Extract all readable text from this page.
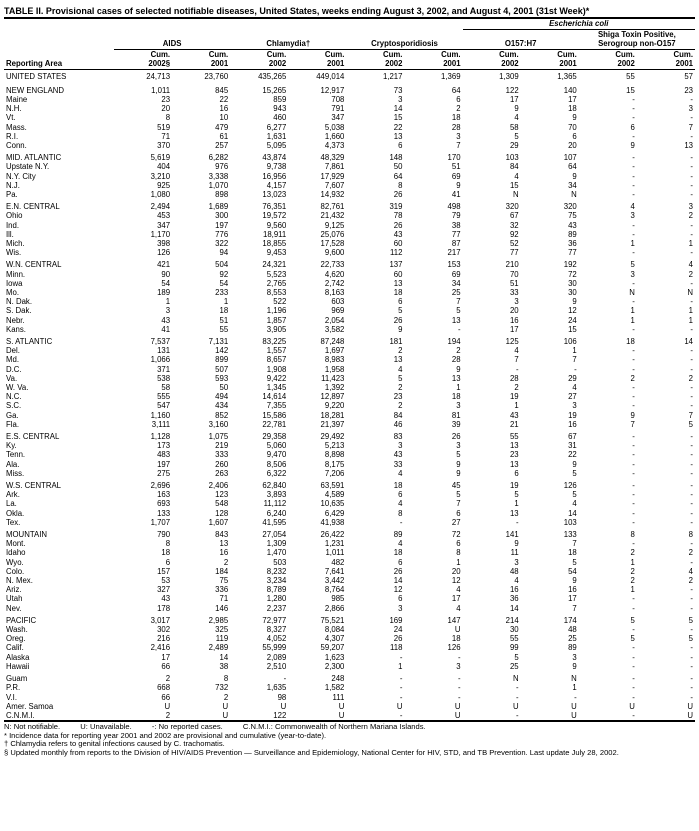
TABLE II. Provisional cases of selected notifiable diseases, United States, weeks ending August 3, 2002, and August 4, 2001 (31st Week)*
							Escherichia coli			
	AIDS		Chlamydia†		Cryptosporidiosis		O157:H7		Shiga Toxin Positive, Serogroup non-O157	
Reporting Area	Cum.	Cum.	Cum.	Cum.	Cum.	Cum.	Cum.	Cum.	Cum.	Cum.
	2002§	2001	2002	2001	2002	2001	2002	2001	2002	2001
UNITED STATES	24,713	23,760	435,265	449,014	1,217	1,369	1,309	1,365	55	57
NEW ENGLAND	1,011	845	15,265	12,917	73	64	122	140	15	23
Maine	23	22	859	708	3	6	17	17	-	-
N.H.	20	16	943	791	14	2	9	18	-	3
Vt.	8	10	460	347	15	18	4	9	-	-
Mass.	519	479	6,277	5,038	22	28	58	70	6	7
R.I.	71	61	1,631	1,660	13	3	5	6	-	-
Conn.	370	257	5,095	4,373	6	7	29	20	9	13
MID. ATLANTIC	5,619	6,282	43,874	48,329	148	170	103	107	-	-
Upstate N.Y.	404	976	9,738	7,861	50	51	84	64	-	-
N.Y. City	3,210	3,338	16,956	17,929	64	69	4	9	-	-
N.J.	925	1,070	4,157	7,607	8	9	15	34	-	-
Pa.	1,080	898	13,023	14,932	26	41	N	N	-	-
E.N. CENTRAL	2,494	1,689	76,351	82,761	319	498	320	320	4	3
Ohio	453	300	19,572	21,432	78	79	67	75	3	2
Ind.	347	197	9,560	9,125	26	38	32	43	-	-
Ill.	1,170	776	18,911	25,076	43	77	92	89	-	-
Mich.	398	322	18,855	17,528	60	87	52	36	1	1
Wis.	126	94	9,453	9,600	112	217	77	77	-	-
W.N. CENTRAL	421	504	24,321	22,733	137	153	210	192	5	4
Minn.	90	92	5,523	4,620	60	69	70	72	3	2
Iowa	54	54	2,765	2,742	13	34	51	30	-	-
Mo.	189	233	8,553	8,163	18	25	33	30	N	N
N. Dak.	1	1	522	603	6	7	3	9	-	-
S. Dak.	3	18	1,196	969	5	5	20	12	1	1
Nebr.	43	51	1,857	2,054	26	13	16	24	1	1
Kans.	41	55	3,905	3,582	9	-	17	15	-	-
S. ATLANTIC	7,537	7,131	83,225	87,248	181	194	125	106	18	14
Del.	131	142	1,557	1,697	2	2	4	1	-	-
Md.	1,066	899	8,657	8,983	13	28	7	7	-	-
D.C.	371	507	1,908	1,958	4	9	-	-	-	-
Va.	538	593	9,422	11,423	5	13	28	29	2	2
W. Va.	58	50	1,345	1,392	2	1	2	4	-	-
N.C.	555	494	14,614	12,897	23	18	19	27	-	-
S.C.	547	434	7,355	9,220	2	3	1	3	-	-
Ga.	1,160	852	15,586	18,281	84	81	43	19	9	7
Fla.	3,111	3,160	22,781	21,397	46	39	21	16	7	5
E.S. CENTRAL	1,128	1,075	29,358	29,492	83	26	55	67	-	-
Ky.	173	219	5,060	5,213	3	3	13	31	-	-
Tenn.	483	333	9,470	8,898	43	5	23	22	-	-
Ala.	197	260	8,506	8,175	33	9	13	9	-	-
Miss.	275	263	6,322	7,206	4	9	6	5	-	-
W.S. CENTRAL	2,696	2,406	62,840	63,591	18	45	19	126	-	-
Ark.	163	123	3,893	4,589	6	5	5	5	-	-
La.	693	548	11,112	10,635	4	7	1	4	-	-
Okla.	133	128	6,240	6,429	8	6	13	14	-	-
Tex.	1,707	1,607	41,595	41,938	-	27	-	103	-	-
MOUNTAIN	790	843	27,054	26,422	89	72	141	133	8	8
Mont.	8	13	1,309	1,231	4	6	9	7	-	-
Idaho	18	16	1,470	1,011	18	8	11	18	2	2
Wyo.	6	2	503	482	6	1	3	5	1	-
Colo.	157	184	8,232	7,641	26	20	48	54	2	4
N. Mex.	53	75	3,234	3,442	14	12	4	9	2	2
Ariz.	327	336	8,789	8,764	12	4	16	16	1	-
Utah	43	71	1,280	985	6	17	36	17	-	-
Nev.	178	146	2,237	2,866	3	4	14	7	-	-
PACIFIC	3,017	2,985	72,977	75,521	169	147	214	174	5	5
Wash.	302	325	8,327	8,084	24	U	30	48	-	-
Oreg.	216	119	4,052	4,307	26	18	55	25	5	5
Calif.	2,416	2,489	55,999	59,207	118	126	99	89	-	-
Alaska	17	14	2,089	1,623	-	-	5	3	-	-
Hawaii	66	38	2,510	2,300	1	3	25	9	-	-
Guam	2	8	-	248	-	-	N	N	-	-
P.R.	668	732	1,635	1,582	-	-	-	1	-	-
V.I.	66	2	98	111	-	-	-	-	-	-
Amer. Samoa	U	U	U	U	U	U	U	U	U	U
C.N.M.I.	2	U	122	U	-	U	-	U	-	U
N: Not notifiable.	U: Unavailable.	-: No reported cases.	C.N.M.I.: Commonwealth of Northern Mariana Islands.
* Incidence data for reporting year 2001 and 2002 are provisional and cumulative (year-to-date).
† Chlamydia refers to genital infections caused by C. trachomatis.
§ Updated monthly from reports to the Division of HIV/AIDS Prevention — Surveillance and Epidemiology, National Center for HIV, STD, and TB Prevention. Last update July 28, 2002.
